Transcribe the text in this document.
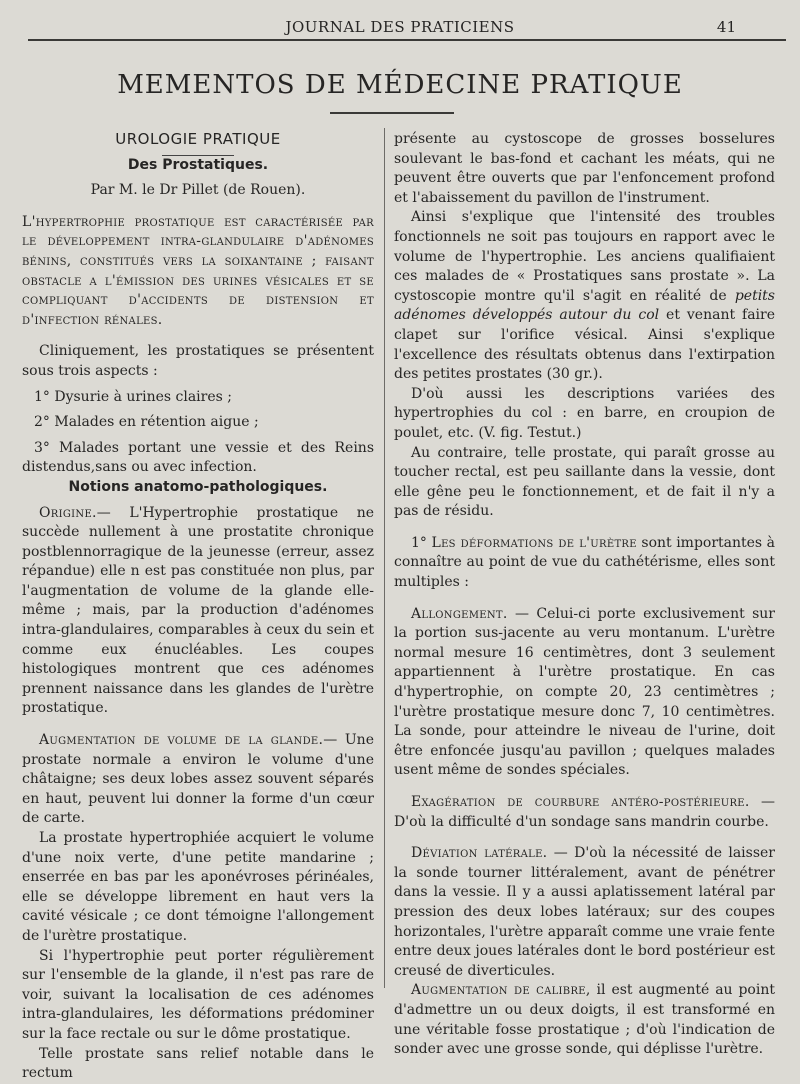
JOURNAL DES PRATICIENS	41
MEMENTOS DE MÉDECINE PRATIQUE

UROLOGIE PRATIQUE

Des Prostatiques.

Par M. le Dr Pillet (de Rouen).

L'hypertrophie prostatique est caractérisée par le développement intra-glandulaire d'adénomes bénins, constitués vers la soixantaine ; faisant obstacle a l'émission des urines vésicales et se compliquant d'accidents de distension et d'infection rénales.

Cliniquement, les prostatiques se présentent sous trois aspects :

1° Dysurie à urines claires ;

2° Malades en rétention aigue ;

3° Malades portant une vessie et des Reins distendus,sans ou avec infection.

Notions anatomo-pathologiques.

Origine.— L'Hypertrophie prostatique ne succède nullement à une prostatite chronique postblennorragique de la jeunesse (erreur, assez répandue) elle n est pas constituée non plus, par l'augmentation de volume de la glande elle-même ; mais, par la production d'adénomes intra-glandulaires, comparables à ceux du sein et comme eux énucléables. Les coupes histologiques montrent que ces adénomes prennent naissance dans les glandes de l'urètre prostatique.

Augmentation de volume de la glande.— Une prostate normale a environ le volume d'une châtaigne; ses deux lobes assez souvent séparés en haut, peuvent lui donner la forme d'un cœur de carte.

La prostate hypertrophiée acquiert le volume d'une noix verte, d'une petite mandarine ; enserrée en bas par les aponévroses périnéales, elle se développe librement en haut vers la cavité vésicale ; ce dont témoigne l'allongement de l'urètre prostatique.

Si l'hypertrophie peut porter régulièrement sur l'ensemble de la glande, il n'est pas rare de voir, suivant la localisation de ces adénomes intra-glandulaires, les déformations prédominer sur la face rectale ou sur le dôme prostatique.

Telle prostate sans relief notable dans le rectum

présente au cystoscope de grosses bosselures soulevant le bas-fond et cachant les méats, qui ne peuvent être ouverts que par l'enfoncement profond et l'abaissement du pavillon de l'instrument.

Ainsi s'explique que l'intensité des troubles fonctionnels ne soit pas toujours en rapport avec le volume de l'hypertrophie. Les anciens qualifiaient ces malades de « Prostatiques sans prostate ». La cystoscopie montre qu'il s'agit en réalité de petits adénomes développés autour du col et venant faire clapet sur l'orifice vésical. Ainsi s'explique l'excellence des résultats obtenus dans l'extirpation des petites prostates (30 gr.).

D'où aussi les descriptions variées des hypertrophies du col : en barre, en croupion de poulet, etc. (V. fig. Testut.)

Au contraire, telle prostate, qui paraît grosse au toucher rectal, est peu saillante dans la vessie, dont elle gêne peu le fonctionnement, et de fait il n'y a pas de résidu.

1° Les déformations de l'urètre sont importantes à connaître au point de vue du cathétérisme, elles sont multiples :

Allongement. — Celui-ci porte exclusivement sur la portion sus-jacente au veru montanum. L'urètre normal mesure 16 centimètres, dont 3 seulement appartiennent à l'urètre prostatique. En cas d'hypertrophie, on compte 20, 23 centimètres ; l'urètre prostatique mesure donc 7, 10 centimètres. La sonde, pour atteindre le niveau de l'urine, doit être enfoncée jusqu'au pavillon ; quelques malades usent même de sondes spéciales.

Exagération de courbure antéro-postérieure. — D'où la difficulté d'un sondage sans mandrin courbe.

Déviation latérale. — D'où la nécessité de laisser la sonde tourner littéralement, avant de pénétrer dans la vessie. Il y a aussi aplatissement latéral par pression des deux lobes latéraux; sur des coupes horizontales, l'urètre apparaît comme une vraie fente entre deux joues latérales dont le bord postérieur est creusé de diverticules.

Augmentation de calibre, il est augmenté au point d'admettre un ou deux doigts, il est transformé en une véritable fosse prostatique ; d'où l'indication de sonder avec une grosse sonde, qui déplisse l'urètre.
